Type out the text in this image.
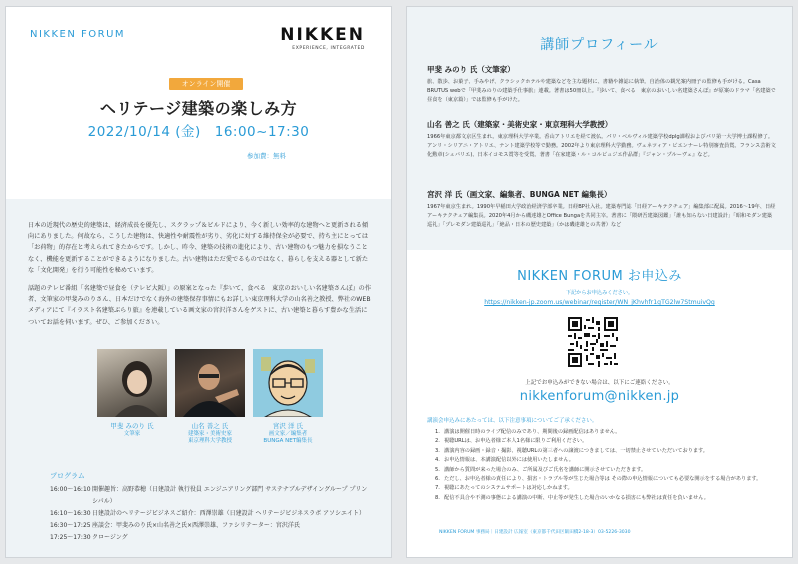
NIKKEN FORUM	NIKKEN
EXPERIENCE, INTEGRATED
オンライン開催
ヘリテージ建築の楽しみ方
2022/10/14 (金)　16:00~17:30
参加費：無料

日本の近現代の歴史的建築は、経済成長を優先し、スクラップ＆ビルドにより、今く新しい効率的な建物へと更新される傾向にありました。何故なら、こうした建物は、快適性や耐震性が劣り、劣化に対する維持保全が必要で、持ち主にとっては「お荷物」的存在と考えられてきたからです。しかし、昨今、建築の技術の進化により、古い建物のもつ魅力を損なうことなく、機能を更新することができるようになりました。古い建物はただ愛でるものではなく、暮らしを支える器として新たな「文化開発」を行う可能性を秘めています。

話題のテレビ番組「名建築で昼食を（テレビ大阪）」の原案となった『歩いて、食べる　東京のおいしい名建築さんぽ』の作者、文筆家の甲斐みのりさん、日本だけでなく海外の建築保存事情にもお詳しい東京理科大学の山名善之教授、弊社のWEBメディアにて『イラスト名建築ぶらり旅』を連載している画文家の宮沢洋さんをゲストに、古い建築と暮らす豊かな生活についてお話を伺います。ぜひ、ご参加ください。

甲斐 みのり 氏
文筆家
山名 善之 氏
建築家・美術史家
東京理科大学教授
宮沢 洋 氏
画文家／編集者
BUNGA NET編集長
プログラム
16:00～16:10 開催趣旨：高野恭穂（日建設計 執行役員 エンジニアリング部門 サステナブルデザイングループ プリンシパル）
16:10～16:30 日建設計のヘリテージビジネスご紹介：西澤崇雄（日建設計 ヘリテージビジネスラボ アソシエイト）
16:30～17:25 座談会：甲斐みのり氏×山名善之氏×西澤崇雄、ファシリテーター：宮沢洋氏
17:25～17:30 クロージング
講師プロフィール
甲斐 みのり 氏（文筆家）
旅、散歩、お菓子、手みやげ、クラシックホテルや建築などを主な題材に、書籍や雑誌に執筆。自治体の観光案内冊子の監修も手がける。Casa BRUTUS webで「甲斐みのりの建築手仕事旅」連載。著書は50冊以上。『歩いて、食べる　東京のおいしい名建築さんぽ』が原案のドラマ「名建築で昼食を（東京篇）」では監修も手がけた。
山名 善之 氏（建築家・美術史家・東京理科大学教授）
1966年東京都文京区生まれ。東京理科大学卒業。香山アトリエを経て渡仏。パリ・ベルヴィル建築学校dplg課程およびパリ第一大学博士課程修了。アンリ・シリアニ・アトリエ、ナント建築学校等で勤務。2002年より東京理科大学勤務。ヴェネツィア・ビエンナーレ特別審査員賞。フランス芸術文化勲章(シュバリエ)、日本イコモス賞等を受賞。著書「在家建築・ル・コルビュジエ作品群」『ジャン・プルーヴェ』など。
宮沢 洋 氏（画文家、編集者、BUNGA NET 編集長）
1967年東京生まれ。1990年早稲田大学政治経済学部卒業。日経BP社入社。建築専門誌「日経アーキテクチュア」編集部に配属。2016～19年、日経アーキテクチュア編集長。2020年4月から磯達雄とOffice Bungaを共同主宰。著書に「隈研吾建築図鑑」「誰も知らない日建設計」「昭和モダン建築巡礼」「プレモダン建築巡礼」「絶品・日本の歴史建築」（かは磯達雄との共著）など
NIKKEN FORUM お申込み
下記からお申込みください。
https://nikken-jp.zoom.us/webinar/register/WN_jKhvhfr1gTG2lw7StmuivQg
上記でお申込みができない場合は、以下にご連絡ください。
nikkenforum@nikken.jp
講演会申込みにあたっては、以下注意事項についてご了承ください。
1. 講演は開催日時のライブ配信のみであり、期間後の録画配信はありません。
2. 視聴URLは、お申込者様ご本人1名様に限りご利用ください。
3. 講演内容の録画・録音・撮影、視聴URLの第三者への譲渡につきましては、一切禁止させていただいております。
4. お申込情報は、本講演配信以外には使用いたしません。
5. 講師から質問が来った場合のみ、ご所属及びご氏名を講師に開示させていただきます。
6. ただし、お申込者様の責任により、損害・トラブル等が生じた場合等は その際の申込情報についても必要な開示をする場合があります。
7. 視聴にあたってのシステムサポートは対応しかねます。
8. 配信不具合や不測の事態による講演の中断、中止等が発生した場合のいかなる損害にも弊社は責任を負いません。
NIKKEN FORUM 事務局｜日建設計 広報室（東京都千代田区飯田橋2-18-3）03-5226-3030
